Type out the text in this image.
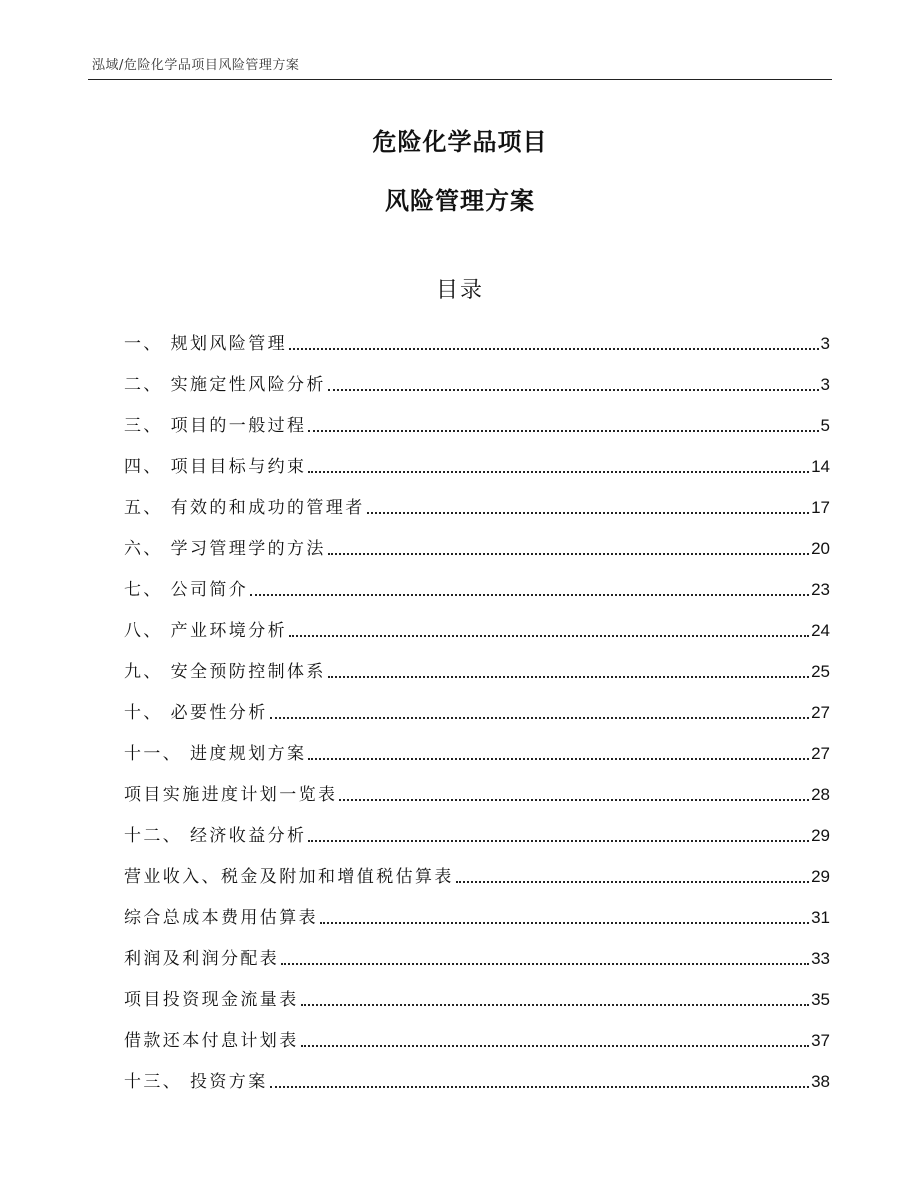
泓域/危险化学品项目风险管理方案
危险化学品项目
风险管理方案
目录
一、 规划风险管理	3
二、 实施定性风险分析	3
三、 项目的一般过程	5
四、 项目目标与约束	14
五、 有效的和成功的管理者	17
六、 学习管理学的方法	20
七、 公司简介	23
八、 产业环境分析	24
九、 安全预防控制体系	25
十、 必要性分析	27
十一、 进度规划方案	27
项目实施进度计划一览表	28
十二、 经济收益分析	29
营业收入、税金及附加和增值税估算表	29
综合总成本费用估算表	31
利润及利润分配表	33
项目投资现金流量表	35
借款还本付息计划表	37
十三、 投资方案	38
